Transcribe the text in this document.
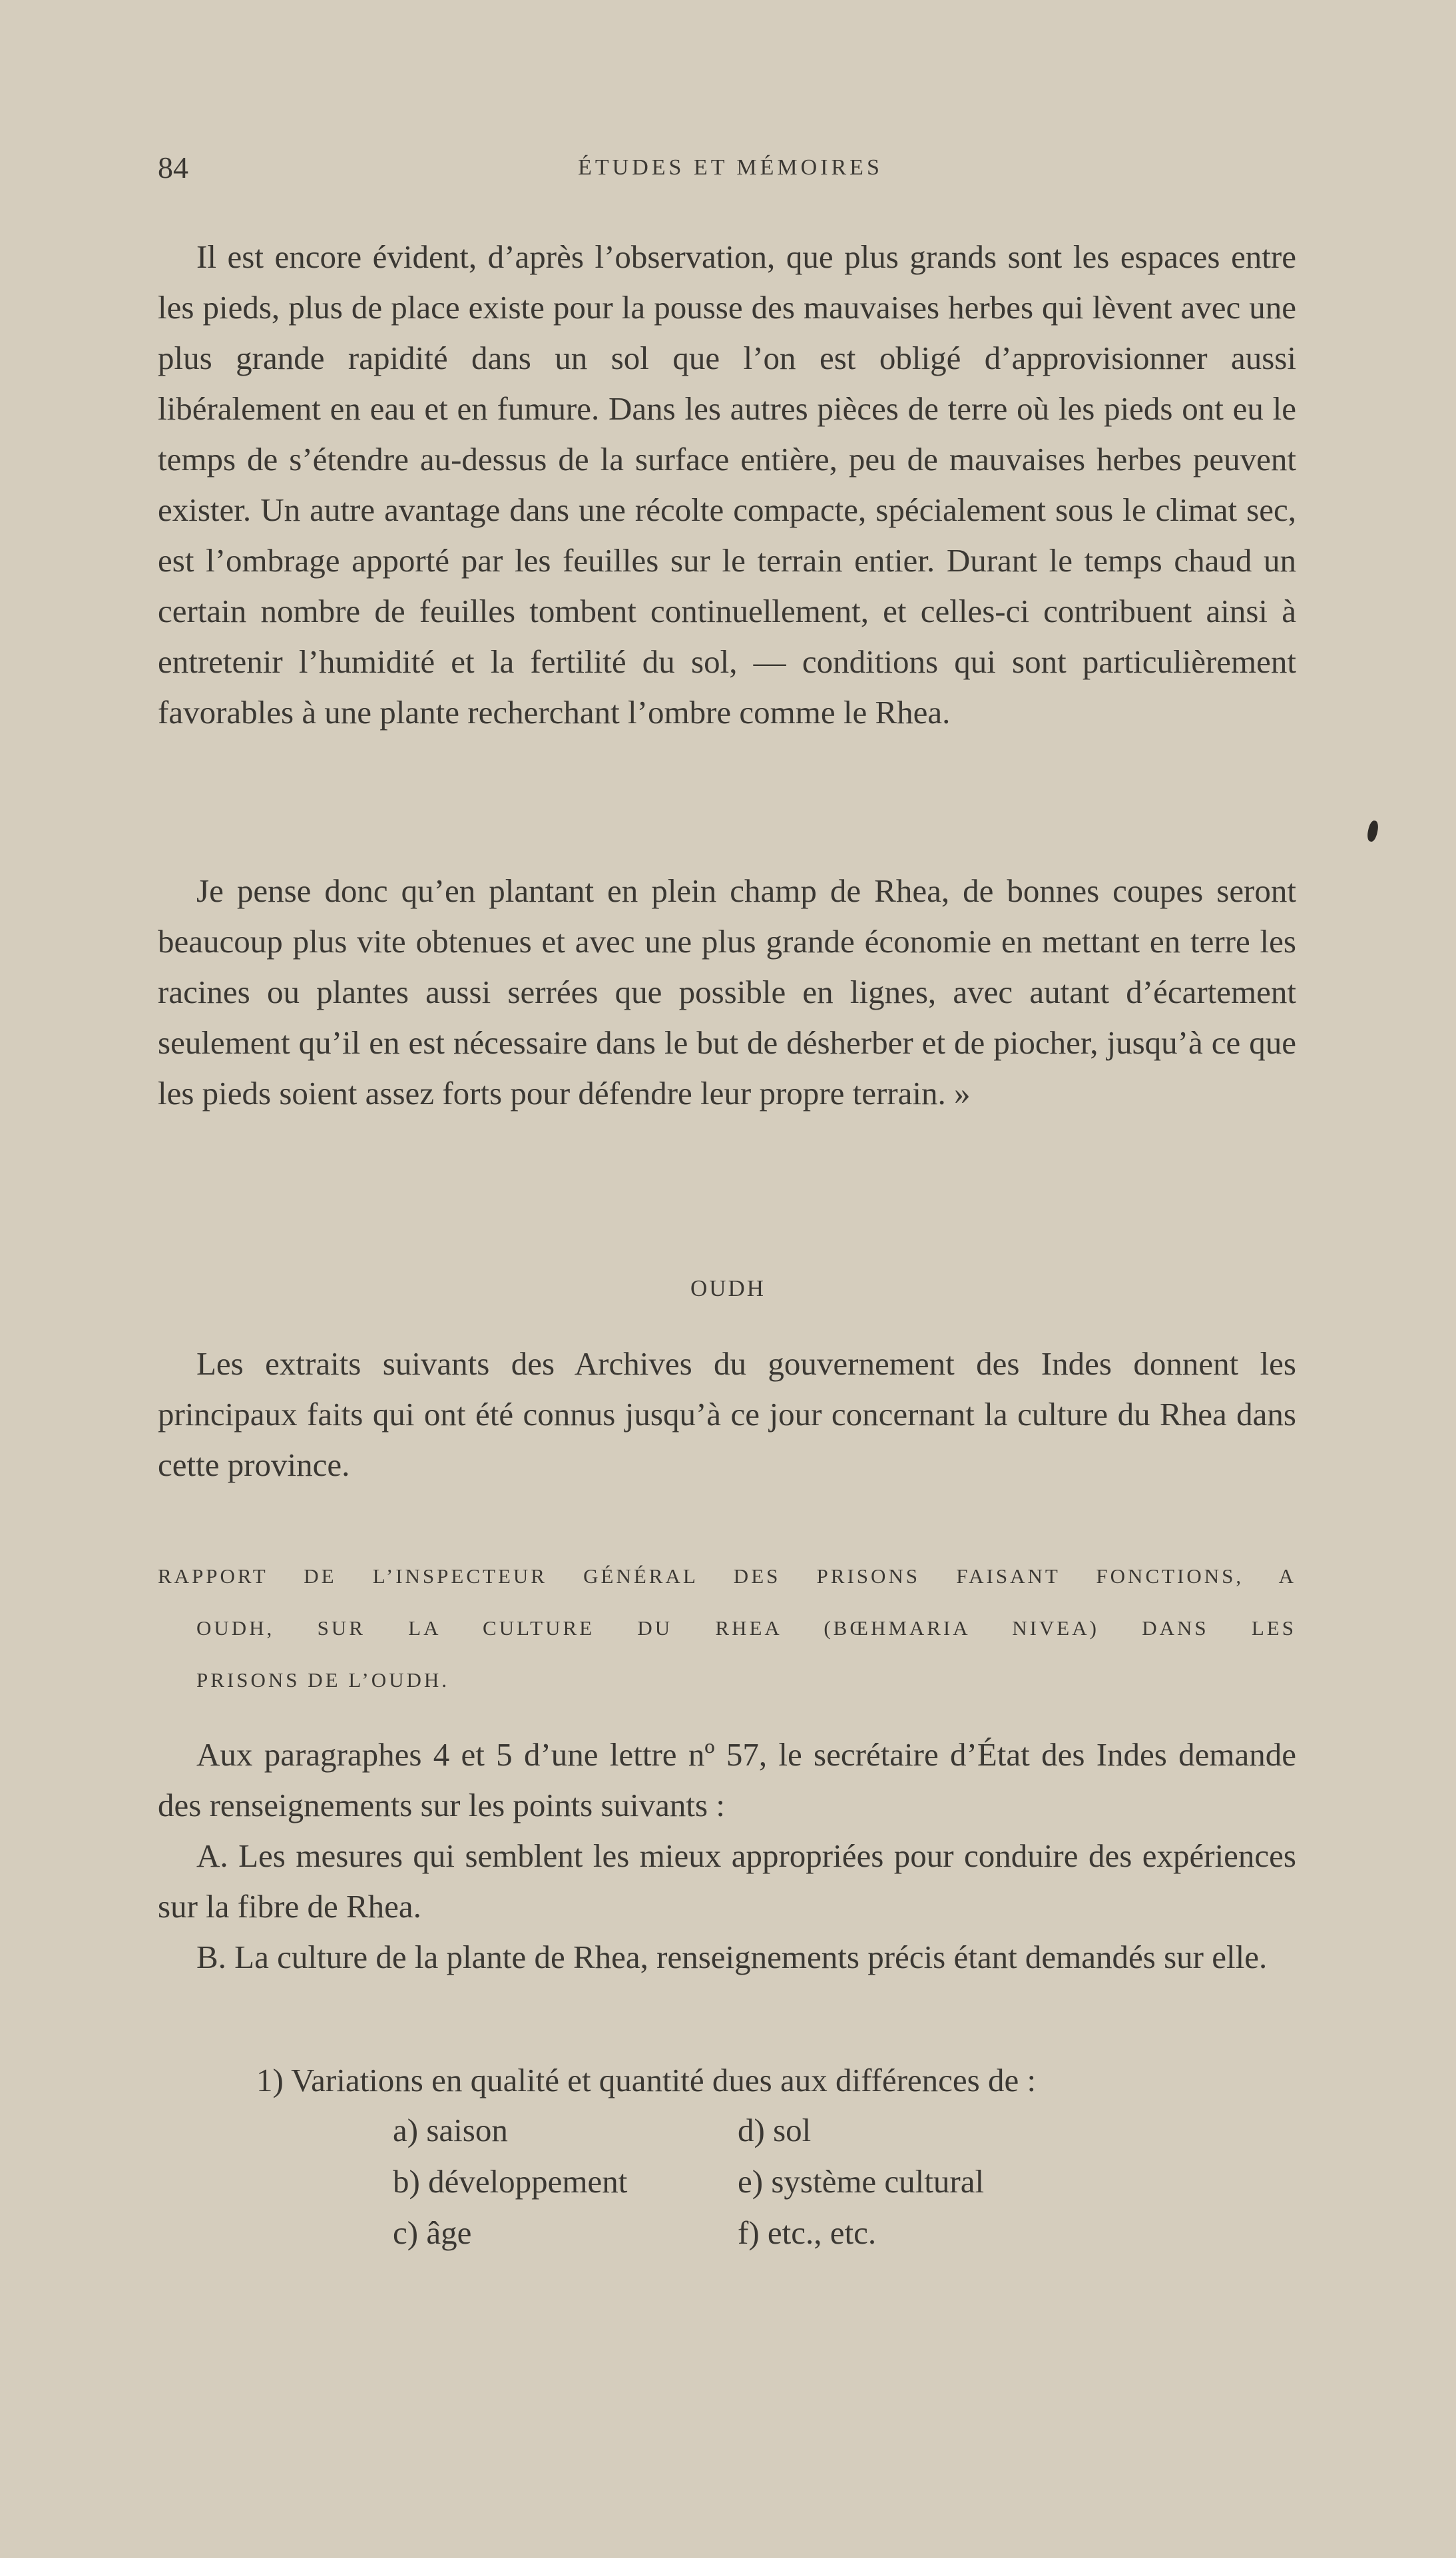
84	ÉTUDES ET MÉMOIRES

Il est encore évident, d’après l’observation, que plus grands sont les espaces entre les pieds, plus de place existe pour la pousse des mauvaises herbes qui lèvent avec une plus grande rapidité dans un sol que l’on est obligé d’approvisionner aussi libéralement en eau et en fumure. Dans les autres pièces de terre où les pieds ont eu le temps de s’étendre au-dessus de la surface entière, peu de mauvaises herbes peuvent exister. Un autre avantage dans une récolte compacte, spécialement sous le climat sec, est l’ombrage apporté par les feuilles sur le terrain entier. Durant le temps chaud un certain nombre de feuilles tombent continuellement, et celles-ci contribuent ainsi à entretenir l’humidité et la fertilité du sol, — conditions qui sont particulièrement favorables à une plante recherchant l’ombre comme le Rhea.

Je pense donc qu’en plantant en plein champ de Rhea, de bonnes coupes seront beaucoup plus vite obtenues et avec une plus grande économie en mettant en terre les racines ou plantes aussi serrées que possible en lignes, avec autant d’écartement seulement qu’il en est nécessaire dans le but de désherber et de piocher, jusqu’à ce que les pieds soient assez forts pour défendre leur propre terrain. »

OUDH

Les extraits suivants des Archives du gouvernement des Indes donnent les principaux faits qui ont été connus jusqu’à ce jour concernant la culture du Rhea dans cette province.

RAPPORT DE L’INSPECTEUR GÉNÉRAL DES PRISONS FAISANT FONCTIONS, A
OUDH, SUR LA CULTURE DU RHEA (BŒHMARIA NIVEA) DANS LES
PRISONS DE L’OUDH.

Aux paragraphes 4 et 5 d’une lettre nº 57, le secrétaire d’État des Indes demande des renseignements sur les points suivants :

A. Les mesures qui semblent les mieux appropriées pour conduire des expériences sur la fibre de Rhea.

B. La culture de la plante de Rhea, renseignements précis étant demandés sur elle.

1) Variations en qualité et quantité dues aux différences de :
a) saison	d) sol
b) développement	e) système cultural
c) âge	f) etc., etc.
